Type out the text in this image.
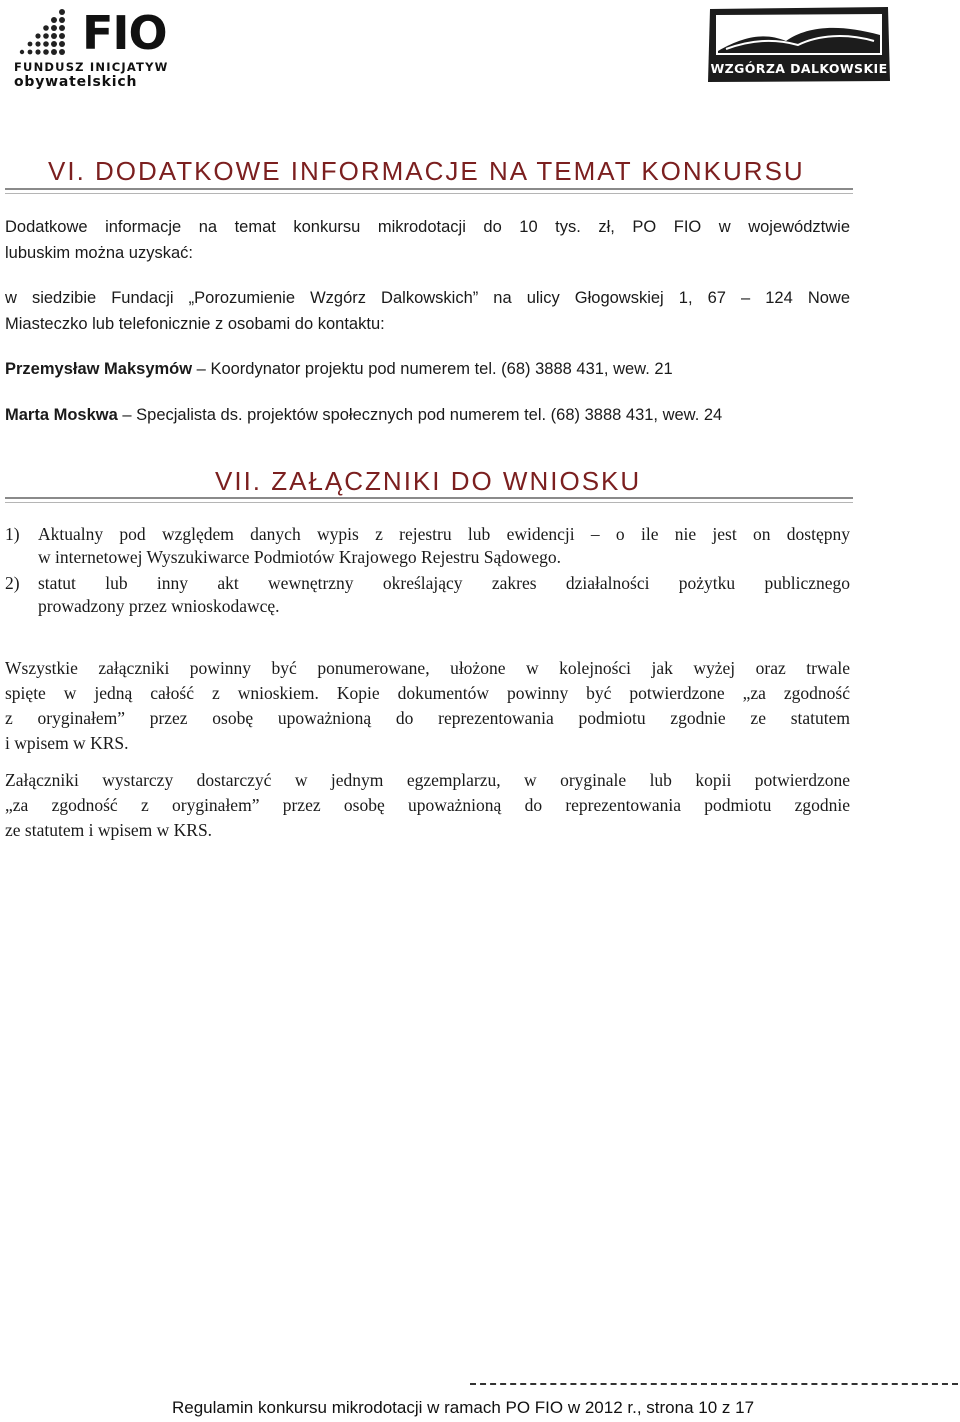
FIO
FUNDUSZ INICJATYW
obywatelskich
WZGÓRZA DALKOWSKIE
VI. DODATKOWE INFORMACJE NA TEMAT KONKURSU
Dodatkowe informacje na temat konkursu mikrodotacji do 10 tys. zł, PO FIO w województwie
lubuskim można uzyskać:
w siedzibie Fundacji „Porozumienie Wzgórz Dalkowskich” na ulicy Głogowskiej 1, 67 – 124 Nowe
Miasteczko lub telefonicznie z osobami do kontaktu:
Przemysław Maksymów – Koordynator projektu pod numerem tel. (68) 3888 431, wew. 21
Marta Moskwa – Specjalista ds. projektów społecznych pod numerem tel. (68) 3888 431, wew. 24
VII. ZAŁĄCZNIKI DO WNIOSKU
1) Aktualny pod względem danych wypis z rejestru lub ewidencji – o ile nie jest on dostępny
w internetowej Wyszukiwarce Podmiotów Krajowego Rejestru Sądowego.
2) statut lub inny akt wewnętrzny określający zakres działalności pożytku publicznego
prowadzony przez wnioskodawcę.
Wszystkie załączniki powinny być ponumerowane, ułożone w kolejności jak wyżej oraz trwale
spięte w jedną całość z wnioskiem. Kopie dokumentów powinny być potwierdzone „za zgodność
z oryginałem” przez osobę upoważnioną do reprezentowania podmiotu zgodnie ze statutem
i wpisem w KRS.
Załączniki wystarczy dostarczyć w jednym egzemplarzu, w oryginale lub kopii potwierdzone
„za zgodność z oryginałem” przez osobę upoważnioną do reprezentowania podmiotu zgodnie
ze statutem i wpisem w KRS.
Regulamin konkursu mikrodotacji w ramach PO FIO w 2012 r., strona 10 z 17
